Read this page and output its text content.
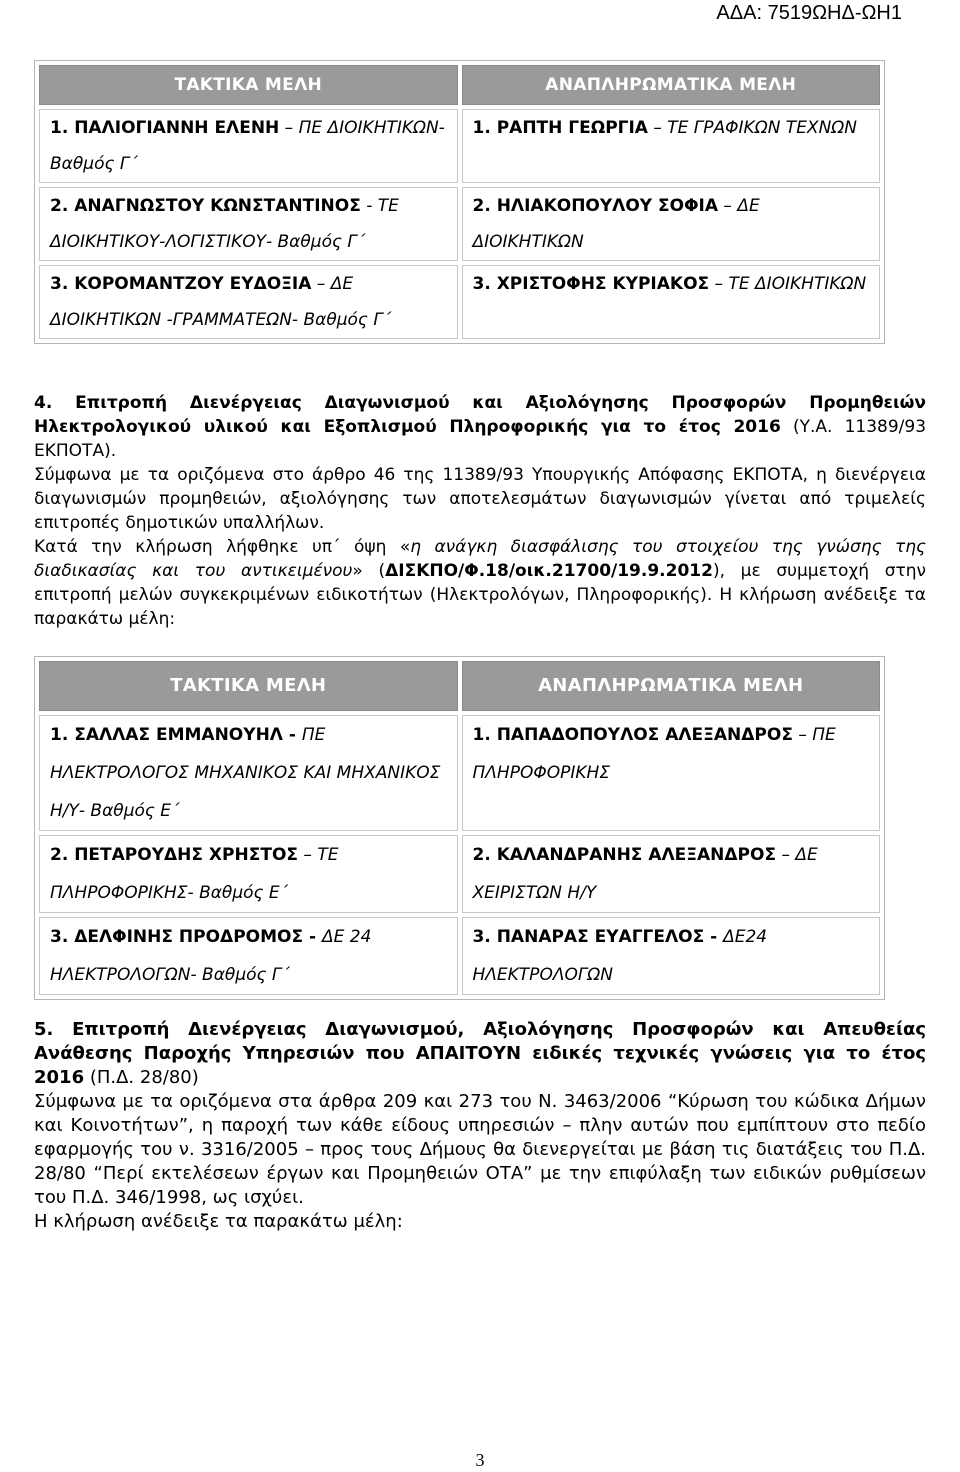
ΑΔΑ: 7519ΩΗΔ-ΩΗ1
ΤΑΚΤΙΚΑ ΜΕΛΗ	ΑΝΑΠΛΗΡΩΜΑΤΙΚΑ ΜΕΛΗ
1. ΠΑΛΙΟΓΙΑΝΝΗ ΕΛΕΝΗ – ΠΕ ΔΙΟΙΚΗΤΙΚΩΝ- Βαθμός Γ΄	1. ΡΑΠΤΗ ΓΕΩΡΓΙΑ – ΤΕ ΓΡΑΦΙΚΩΝ ΤΕΧΝΩΝ
2. ΑΝΑΓΝΩΣΤΟΥ ΚΩΝΣΤΑΝΤΙΝΟΣ - ΤΕ ΔΙΟΙΚΗΤΙΚΟΥ-ΛΟΓΙΣΤΙΚΟΥ- Βαθμός Γ΄	2. ΗΛΙΑΚΟΠΟΥΛΟΥ ΣΟΦΙΑ – ΔΕ ΔΙΟΙΚΗΤΙΚΩΝ
3. ΚΟΡΟΜΑΝΤΖΟΥ ΕΥΔΟΞΙΑ – ΔΕ ΔΙΟΙΚΗΤΙΚΩΝ -ΓΡΑΜΜΑΤΕΩΝ- Βαθμός Γ΄	3. ΧΡΙΣΤΟΦΗΣ ΚΥΡΙΑΚΟΣ – ΤΕ ΔΙΟΙΚΗΤΙΚΩΝ

4. Επιτροπή Διενέργειας Διαγωνισμού και Αξιολόγησης Προσφορών Προμηθειών Ηλεκτρολογικού υλικού και Εξοπλισμού Πληροφορικής για το έτος 2016 (Υ.Α. 11389/93 ΕΚΠΟΤΑ).

Σύμφωνα με τα οριζόμενα στο άρθρο 46 της 11389/93 Υπουργικής Απόφασης ΕΚΠΟΤΑ, η διενέργεια διαγωνισμών προμηθειών, αξιολόγησης των αποτελεσμάτων διαγωνισμών γίνεται από τριμελείς επιτροπές δημοτικών υπαλλήλων.

Κατά την κλήρωση λήφθηκε υπ΄ όψη «η ανάγκη διασφάλισης του στοιχείου της γνώσης της διαδικασίας και του αντικειμένου» (ΔΙΣΚΠΟ/Φ.18/οικ.21700/19.9.2012), με συμμετοχή στην επιτροπή μελών συγκεκριμένων ειδικοτήτων (Ηλεκτρολόγων, Πληροφορικής). Η κλήρωση ανέδειξε τα παρακάτω μέλη:

ΤΑΚΤΙΚΑ ΜΕΛΗ	ΑΝΑΠΛΗΡΩΜΑΤΙΚΑ ΜΕΛΗ
1. ΣΑΛΛΑΣ ΕΜΜΑΝΟΥΗΛ - ΠΕ ΗΛΕΚΤΡΟΛΟΓΟΣ ΜΗΧΑΝΙΚΟΣ ΚΑΙ ΜΗΧΑΝΙΚΟΣ Η/Υ- Βαθμός Ε΄	1. ΠΑΠΑΔΟΠΟΥΛΟΣ ΑΛΕΞΑΝΔΡΟΣ – ΠΕ ΠΛΗΡΟΦΟΡΙΚΗΣ
2. ΠΕΤΑΡΟΥΔΗΣ ΧΡΗΣΤΟΣ – ΤΕ ΠΛΗΡΟΦΟΡΙΚΗΣ- Βαθμός Ε΄	2. ΚΑΛΑΝΔΡΑΝΗΣ ΑΛΕΞΑΝΔΡΟΣ – ΔΕ ΧΕΙΡΙΣΤΩΝ Η/Υ
3. ΔΕΛΦΙΝΗΣ ΠΡΟΔΡΟΜΟΣ - ΔΕ 24 ΗΛΕΚΤΡΟΛΟΓΩΝ- Βαθμός Γ΄	3. ΠΑΝΑΡΑΣ ΕΥΑΓΓΕΛΟΣ - ΔΕ24 ΗΛΕΚΤΡΟΛΟΓΩΝ

5. Επιτροπή Διενέργειας Διαγωνισμού, Αξιολόγησης Προσφορών και Απευθείας Ανάθεσης Παροχής Υπηρεσιών που ΑΠΑΙΤΟΥΝ ειδικές τεχνικές γνώσεις για το έτος 2016 (Π.Δ. 28/80)

Σύμφωνα με τα οριζόμενα στα άρθρα 209 και 273 του Ν. 3463/2006 “Κύρωση του κώδικα Δήμων και Κοινοτήτων”, η παροχή των κάθε είδους υπηρεσιών – πλην αυτών που εμπίπτουν στο πεδίο εφαρμογής του ν. 3316/2005 – προς τους Δήμους θα διενεργείται με βάση τις διατάξεις του Π.Δ. 28/80 “Περί εκτελέσεων έργων και Προμηθειών ΟΤΑ” με την επιφύλαξη των ειδικών ρυθμίσεων του Π.Δ. 346/1998, ως ισχύει.

Η κλήρωση ανέδειξε τα παρακάτω μέλη:

3
